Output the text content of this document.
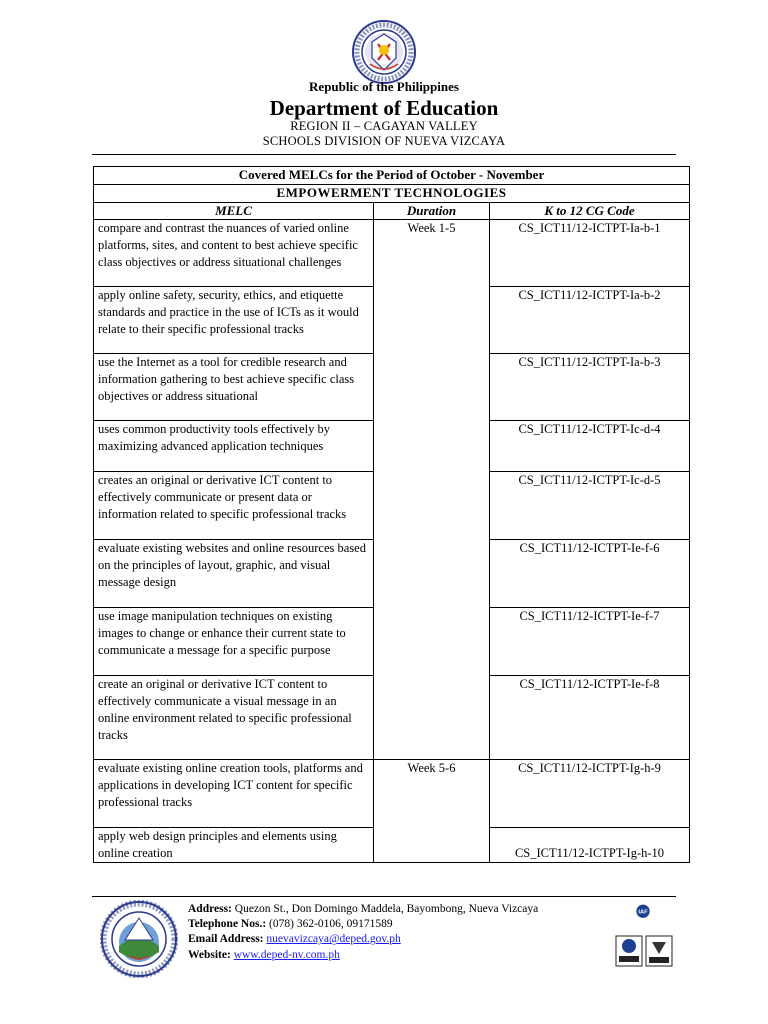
Republic of the Philippines
Department of Education
REGION II – CAGAYAN VALLEY
SCHOOLS DIVISION OF NUEVA VIZCAYA
Covered MELCs for the Period of October - November		
EMPOWERMENT TECHNOLOGIES		
MELC	Duration	K to 12 CG Code
compare and contrast the nuances of varied online platforms, sites, and content to best achieve specific class objectives or address situational challenges	Week 1-5	CS_ICT11/12-ICTPT-Ia-b-1
apply online safety, security, ethics, and etiquette standards and practice in the use of ICTs as it would relate to their specific professional tracks		CS_ICT11/12-ICTPT-Ia-b-2
use the Internet as a tool for credible research and information gathering to best achieve specific class objectives or address situational		CS_ICT11/12-ICTPT-Ia-b-3
uses common productivity tools effectively by maximizing advanced application techniques		CS_ICT11/12-ICTPT-Ic-d-4
creates an original or derivative ICT content to effectively communicate or present data or information related to specific professional tracks		CS_ICT11/12-ICTPT-Ic-d-5
evaluate existing websites and online resources based on the principles of layout, graphic, and visual message design		CS_ICT11/12-ICTPT-Ie-f-6
use image manipulation techniques on existing images to change or enhance their current state to communicate a message for a specific purpose		CS_ICT11/12-ICTPT-Ie-f-7
create an original or derivative ICT content to effectively communicate a visual message in an online environment related to specific professional tracks		CS_ICT11/12-ICTPT-Ie-f-8
evaluate existing online creation tools, platforms and applications in developing ICT content for specific professional tracks	Week 5-6	CS_ICT11/12-ICTPT-Ig-h-9
apply web design principles and elements using online creation		CS_ICT11/12-ICTPT-Ig-h-10
Address: Quezon St., Don Domingo Maddela, Bayombong, Nueva Vizcaya
Telephone Nos.: (078) 362-0106, 09171589
Email Address: nuevavizcaya@deped.gov.ph
Website: www.deped-nv.com.ph
IAF
